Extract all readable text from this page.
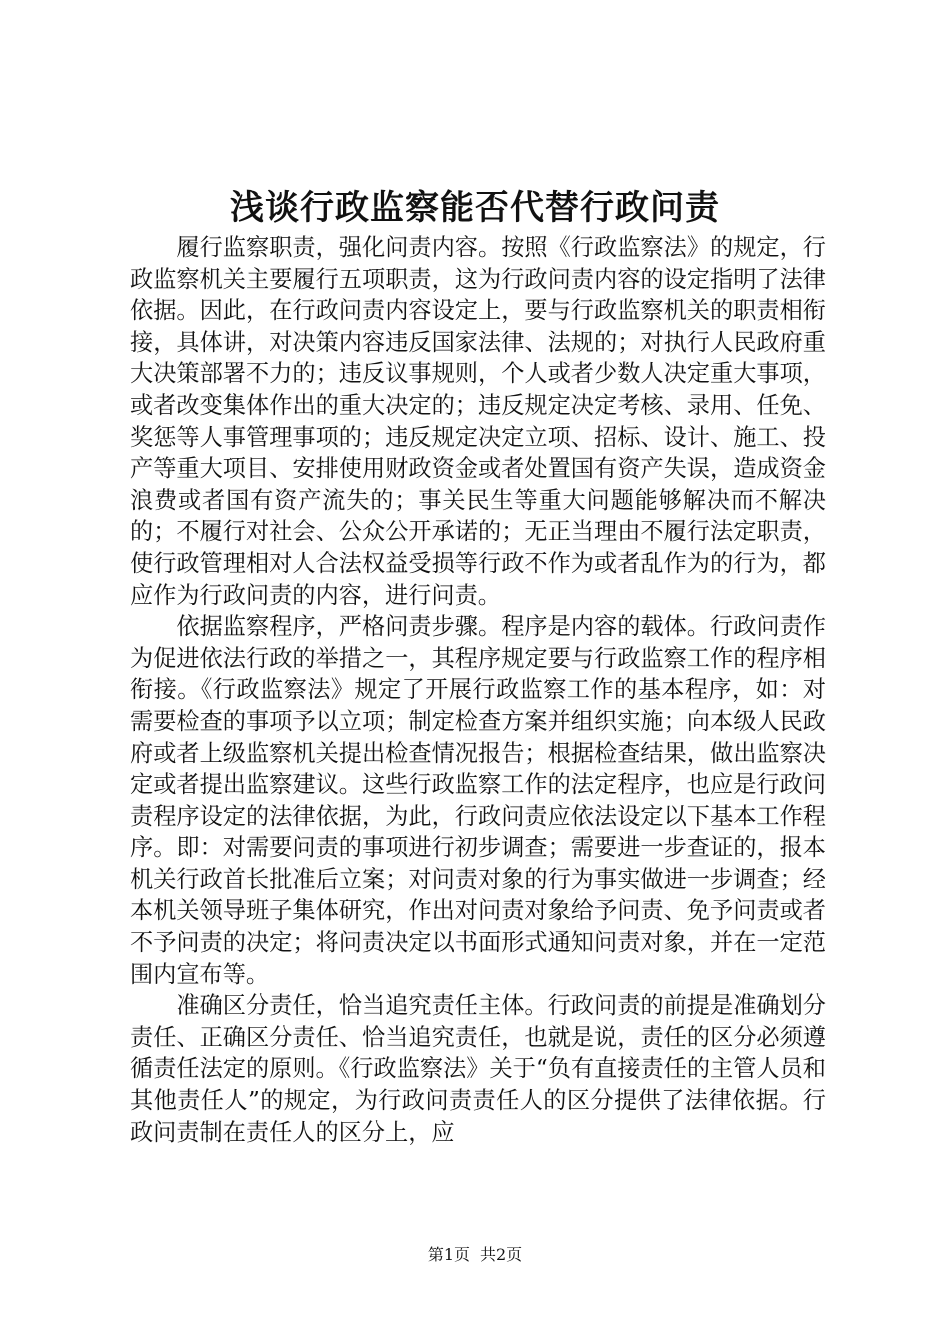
浅谈行政监察能否代替行政问责

履行监察职责，强化问责内容。按照《行政监察法》的规定，行政监察机关主要履行五项职责，这为行政问责内容的设定指明了法律依据。因此，在行政问责内容设定上，要与行政监察机关的职责相衔接，具体讲，对决策内容违反国家法律、法规的；对执行人民政府重大决策部署不力的；违反议事规则，个人或者少数人决定重大事项，或者改变集体作出的重大决定的；违反规定决定考核、录用、任免、奖惩等人事管理事项的；违反规定决定立项、招标、设计、施工、投产等重大项目、安排使用财政资金或者处置国有资产失误，造成资金浪费或者国有资产流失的；事关民生等重大问题能够解决而不解决的；不履行对社会、公众公开承诺的；无正当理由不履行法定职责，使行政管理相对人合法权益受损等行政不作为或者乱作为的行为，都应作为行政问责的内容，进行问责。

依据监察程序，严格问责步骤。程序是内容的载体。行政问责作为促进依法行政的举措之一，其程序规定要与行政监察工作的程序相衔接。《行政监察法》规定了开展行政监察工作的基本程序，如：对需要检查的事项予以立项；制定检查方案并组织实施；向本级人民政府或者上级监察机关提出检查情况报告；根据检查结果，做出监察决定或者提出监察建议。这些行政监察工作的法定程序，也应是行政问责程序设定的法律依据，为此，行政问责应依法设定以下基本工作程序。即：对需要问责的事项进行初步调查；需要进一步查证的，报本机关行政首长批准后立案；对问责对象的行为事实做进一步调查；经本机关领导班子集体研究，作出对问责对象给予问责、免予问责或者不予问责的决定；将问责决定以书面形式通知问责对象，并在一定范围内宣布等。

准确区分责任，恰当追究责任主体。行政问责的前提是准确划分责任、正确区分责任、恰当追究责任，也就是说，责任的区分必须遵循责任法定的原则。《行政监察法》关于“负有直接责任的主管人员和其他责任人”的规定，为行政问责责任人的区分提供了法律依据。行政问责制在责任人的区分上，应

第1页 共2页
